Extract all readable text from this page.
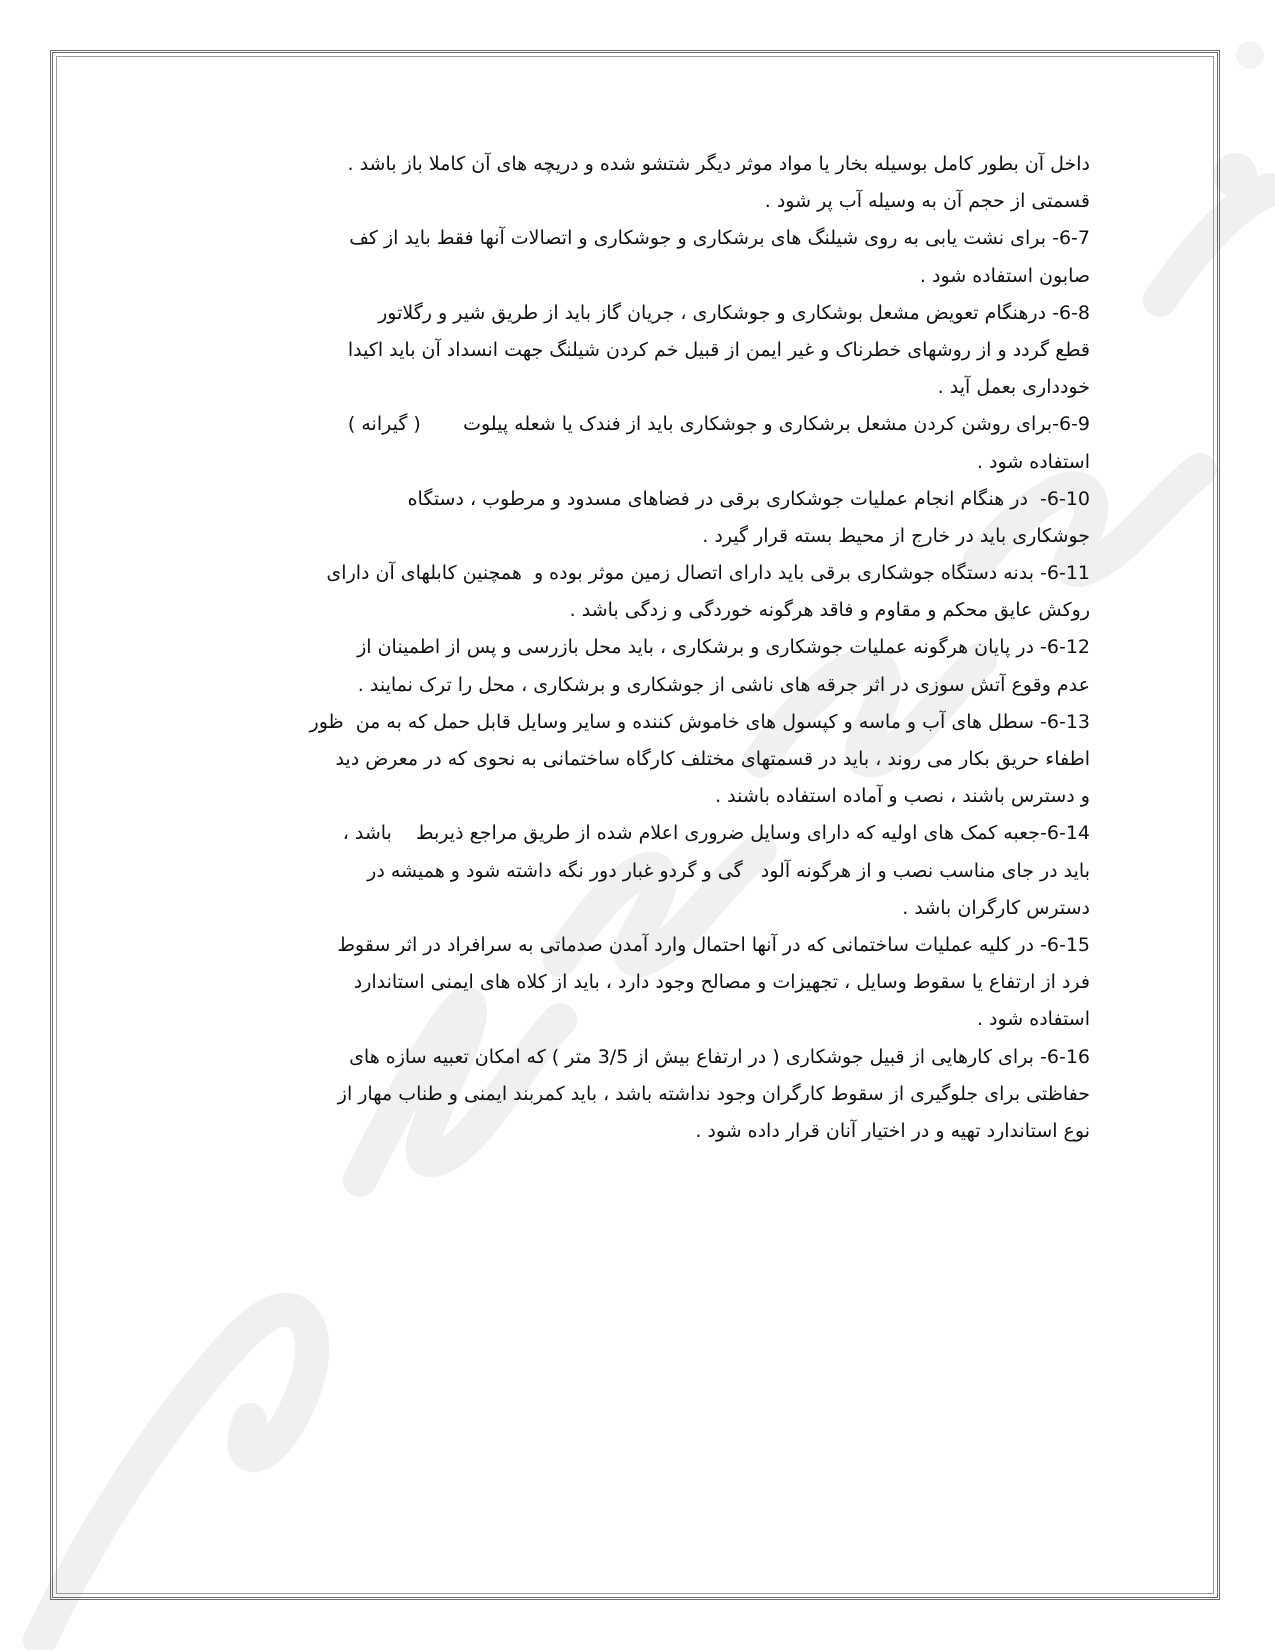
داخل آن بطور کامل بوسیله بخار یا مواد موثر دیگر شتشو شده و دریچه های آن کاملا باز باشد .
قسمتی از حجم آن به وسیله آب پر شود .
6-7- برای نشت یابی به روی شیلنگ های برشکاری و جوشکاری و اتصالات آنها فقط باید از کف
صابون استفاده شود .
6-8- درهنگام تعویض مشعل بوشکاری و جوشکاری ، جریان گاز باید از طریق شیر و رگلاتور
قطع گردد و از روشهای خطرناک و غیر ایمن از قبیل خم کردن شیلنگ جهت انسداد آن باید اکیدا
خودداری بعمل آید .
6-9-برای روشن کردن مشعل برشکاری و جوشکاری باید از فندک یا شعله پیلوت       ( گیرانه )
استفاده شود .
6-10-  در هنگام انجام عملیات جوشکاری برقی در فضاهای مسدود و مرطوب ، دستگاه
جوشکاری باید در خارج از محیط بسته قرار گیرد .
6-11- بدنه دستگاه جوشکاری برقی باید دارای اتصال زمین موثر بوده و  همچنین کابلهای آن دارای
روکش عایق محکم و مقاوم و فاقد هرگونه خوردگی و زدگی باشد .
6-12- در پایان هرگونه عملیات جوشکاری و برشکاری ، باید محل بازرسی و پس از اطمینان از
عدم وقوع آتش سوزی در اثر جرقه های ناشی از جوشکاری و برشکاری ، محل را ترک نمایند .
6-13- سطل های آب و ماسه و کپسول های خاموش کننده و سایر وسایل قابل حمل که به من  ظور
اطفاء حریق بکار می روند ، باید در قسمتهای مختلف کارگاه ساختمانی به نحوی که در معرض دید
و دسترس باشند ، نصب و آماده استفاده باشند .
6-14-جعبه کمک های اولیه که دارای وسایل ضروری اعلام شده از طریق مراجع ذیربط    باشد ،
باید در جای مناسب نصب و از هرگونه آلود   گی و گردو غبار دور نگه داشته شود و همیشه در
دسترس کارگران باشد .
6-15- در کلیه عملیات ساختمانی که در آنها احتمال وارد آمدن صدماتی به سرافراد در اثر سقوط
فرد از ارتفاع یا سقوط وسایل ، تجهیزات و مصالح وجود دارد ، باید از کلاه های ایمنی استاندارد
استفاده شود .
6-16- برای کارهایی از قبیل جوشکاری ( در ارتفاع بیش از 3/5 متر ) که امکان تعبیه سازه های
حفاظتی برای جلوگیری از سقوط کارگران وجود نداشته باشد ، باید کمربند ایمنی و طناب مهار از
نوع استاندارد تهیه و در اختیار آنان قرار داده شود .
